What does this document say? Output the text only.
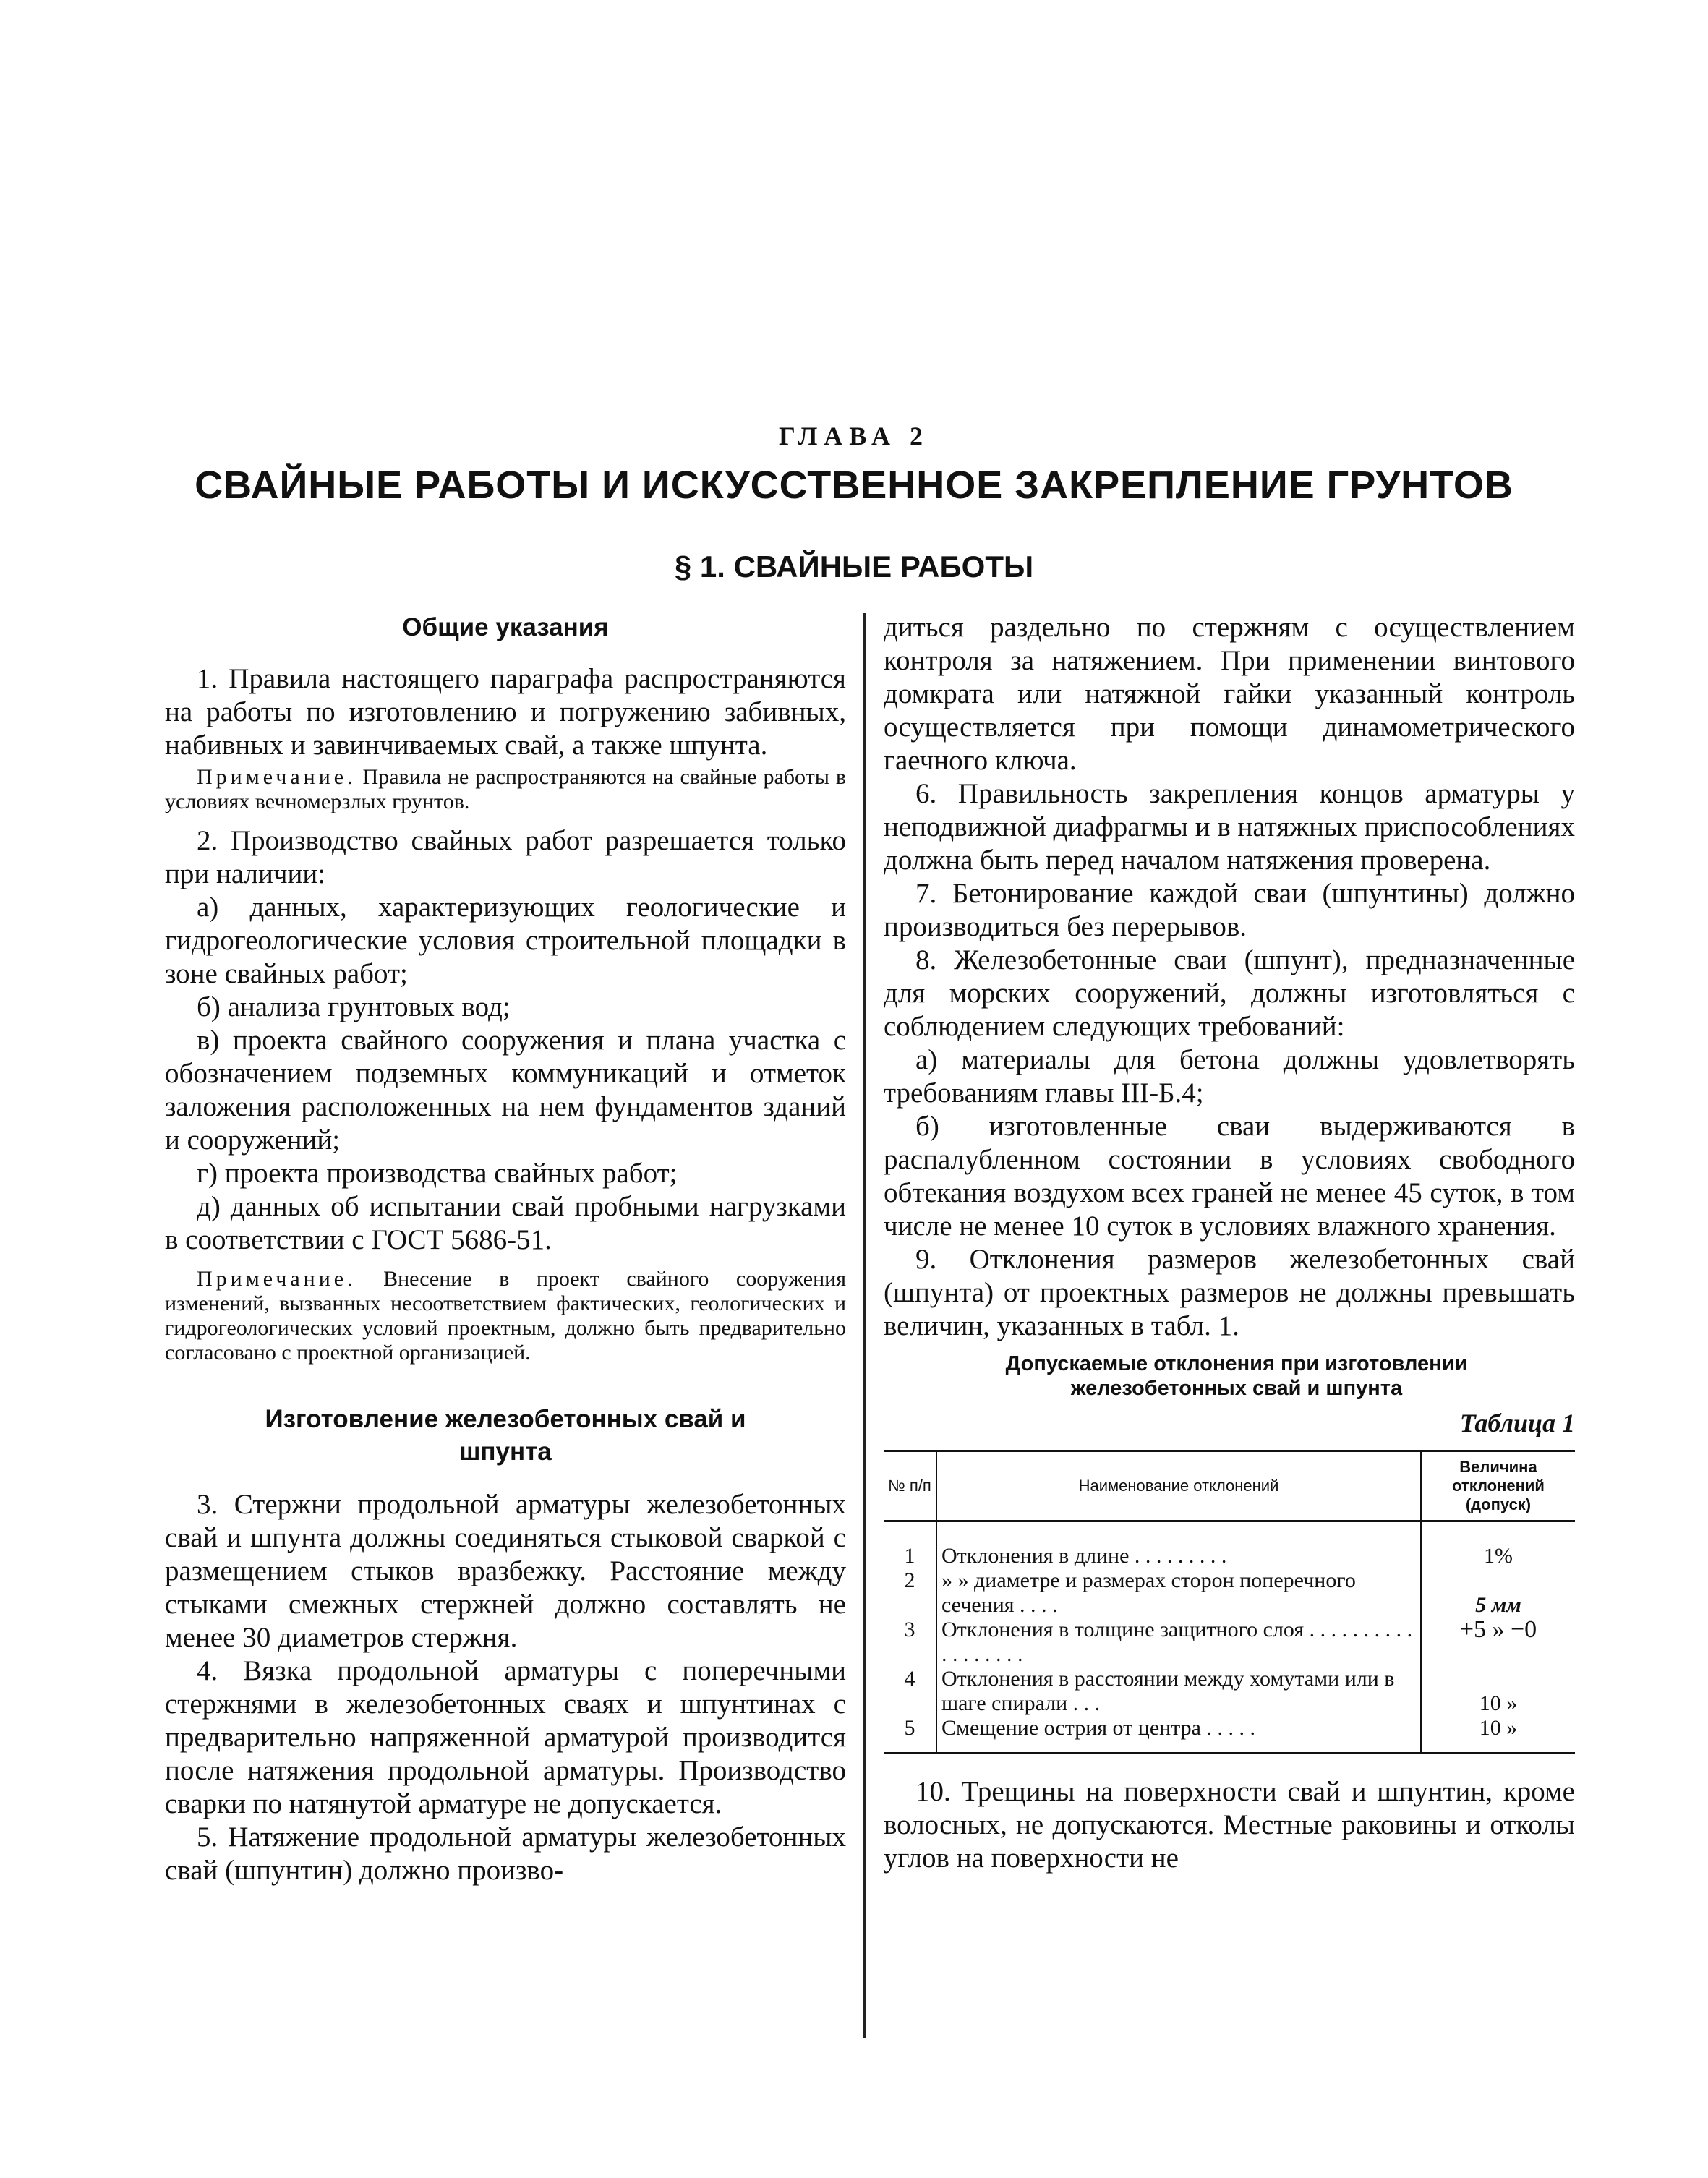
ГЛАВА 2
СВАЙНЫЕ РАБОТЫ И ИСКУССТВЕННОЕ ЗАКРЕПЛЕНИЕ ГРУНТОВ
§ 1. СВАЙНЫЕ РАБОТЫ
Общие указания

1. Правила настоящего параграфа распространяются на работы по изготовлению и погружению забивных, набивных и завинчиваемых свай, а также шпунта.

Примечание. Правила не распространяются на свайные работы в условиях вечномерзлых грунтов.

2. Производство свайных работ разрешается только при наличии:

а) данных, характеризующих геологические и гидрогеологические условия строительной площадки в зоне свайных работ;

б) анализа грунтовых вод;

в) проекта свайного сооружения и плана участка с обозначением подземных коммуникаций и отметок заложения расположенных на нем фундаментов зданий и сооружений;

г) проекта производства свайных работ;

д) данных об испытании свай пробными нагрузками в соответствии с ГОСТ 5686-51.

Примечание. Внесение в проект свайного сооружения изменений, вызванных несоответствием фактических, геологических и гидрогеологических условий проектным, должно быть предварительно согласовано с проектной организацией.

Изготовление железобетонных свай и шпунта

3. Стержни продольной арматуры железобетонных свай и шпунта должны соединяться стыковой сваркой с размещением стыков вразбежку. Расстояние между стыками смежных стержней должно составлять не менее 30 диаметров стержня.

4. Вязка продольной арматуры с поперечными стержнями в железобетонных сваях и шпунтинах с предварительно напряженной арматурой производится после натяжения продольной арматуры. Производство сварки по натянутой арматуре не допускается.

5. Натяжение продольной арматуры железобетонных свай (шпунтин) должно произво-

диться раздельно по стержням с осуществлением контроля за натяжением. При применении винтового домкрата или натяжной гайки указанный контроль осуществляется при помощи динамометрического гаечного ключа.

6. Правильность закрепления концов арматуры у неподвижной диафрагмы и в натяжных приспособлениях должна быть перед началом натяжения проверена.

7. Бетонирование каждой сваи (шпунтины) должно производиться без перерывов.

8. Железобетонные сваи (шпунт), предназначенные для морских сооружений, должны изготовляться с соблюдением следующих требований:

а) материалы для бетона должны удовлетворять требованиям главы III-Б.4;

б) изготовленные сваи выдерживаются в распалубленном состоянии в условиях свободного обтекания воздухом всех граней не менее 45 суток, в том числе не менее 10 суток в условиях влажного хранения.

9. Отклонения размеров железобетонных свай (шпунта) от проектных размеров не должны превышать величин, указанных в табл. 1.

Допускаемые отклонения при изготовлении железобетонных свай и шпунта
Таблица 1
№ п/п	Наименование отклонений	Величина отклонений (допуск)
1	Отклонения в длине . . . . . . . . .	1%
2	» » диаметре и размерах сторон поперечного сечения . . . .	5 мм
3	Отклонения в толщине защитного слоя . . . . . . . . . . . . . . . . . .	+5 » −0
4	Отклонения в расстоянии между хомутами или в шаге спирали . . .	10 »
5	Смещение острия от центра . . . . .	10 »

10. Трещины на поверхности свай и шпунтин, кроме волосных, не допускаются. Местные раковины и отколы углов на поверхности не
